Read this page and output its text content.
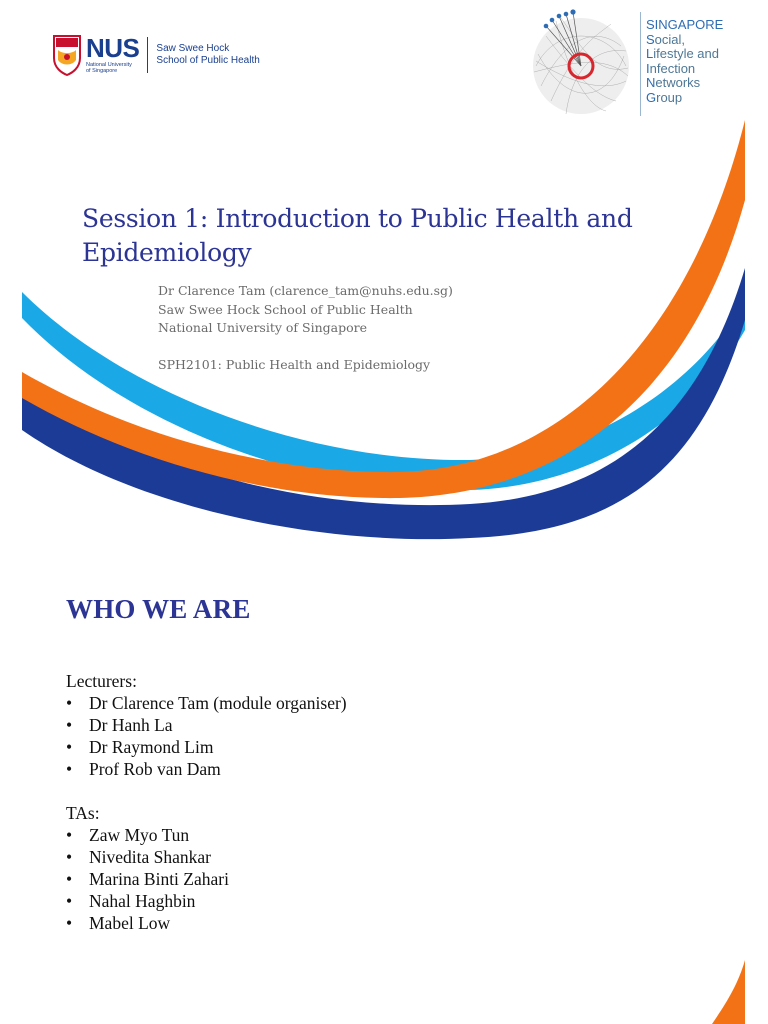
NUS
National University
of Singapore
Saw Swee Hock
School of Public Health
SINGAPORE
Social,
Lifestyle and
Infection
Networks
Group
Session 1: Introduction to Public Health and Epidemiology
Dr Clarence Tam (clarence_tam@nuhs.edu.sg)
Saw Swee Hock School of Public Health
National University of Singapore
SPH2101: Public Health and Epidemiology
WHO WE ARE
Lecturers:
• Dr Clarence Tam (module organiser)
• Dr Hanh La
• Dr Raymond Lim
• Prof Rob van Dam
TAs:
• Zaw Myo Tun
• Nivedita Shankar
• Marina Binti Zahari
• Nahal Haghbin
• Mabel Low
